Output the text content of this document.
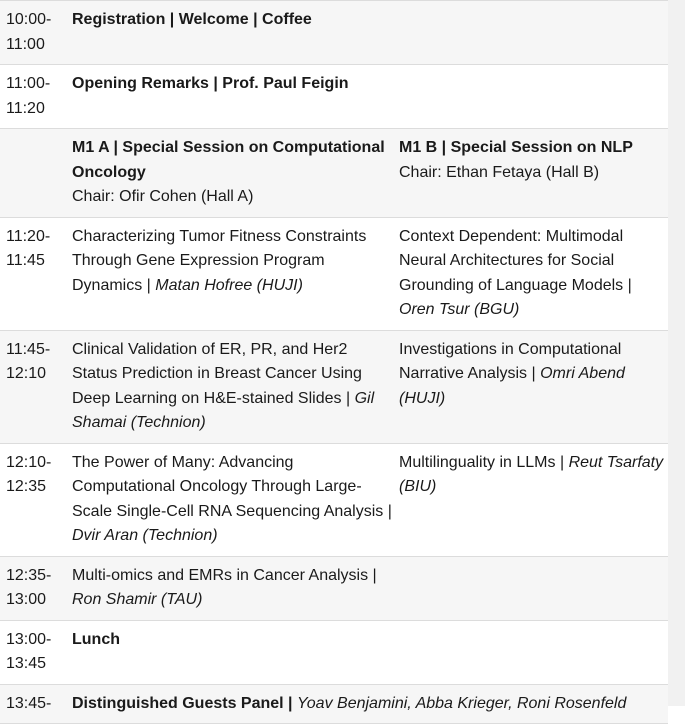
10:00-
11:00
Registration | Welcome | Coffee
11:00-
11:20
Opening Remarks | Prof. Paul Feigin
M1 A | Special Session on Computational Oncology
Chair: Ofir Cohen (Hall A)
M1 B | Special Session on NLP
Chair: Ethan Fetaya (Hall B)
11:20-
11:45
Characterizing Tumor Fitness Constraints Through Gene Expression Program Dynamics | Matan Hofree (HUJI)
Context Dependent: Multimodal Neural Architectures for Social Grounding of Language Models | Oren Tsur (BGU)
11:45-
12:10
Clinical Validation of ER, PR, and Her2 Status Prediction in Breast Cancer Using Deep Learning on H&E-stained Slides | Gil Shamai (Technion)
Investigations in Computational Narrative Analysis | Omri Abend (HUJI)
12:10-
12:35
The Power of Many: Advancing Computational Oncology Through Large-Scale Single-Cell RNA Sequencing Analysis | Dvir Aran (Technion)
Multilinguality in LLMs | Reut Tsarfaty (BIU)
12:35-
13:00
Multi-omics and EMRs in Cancer Analysis | Ron Shamir (TAU)
13:00-
13:45
Lunch
13:45-	Distinguished Guests Panel | Yoav Benjamini, Abba Krieger, Roni Rosenfeld
